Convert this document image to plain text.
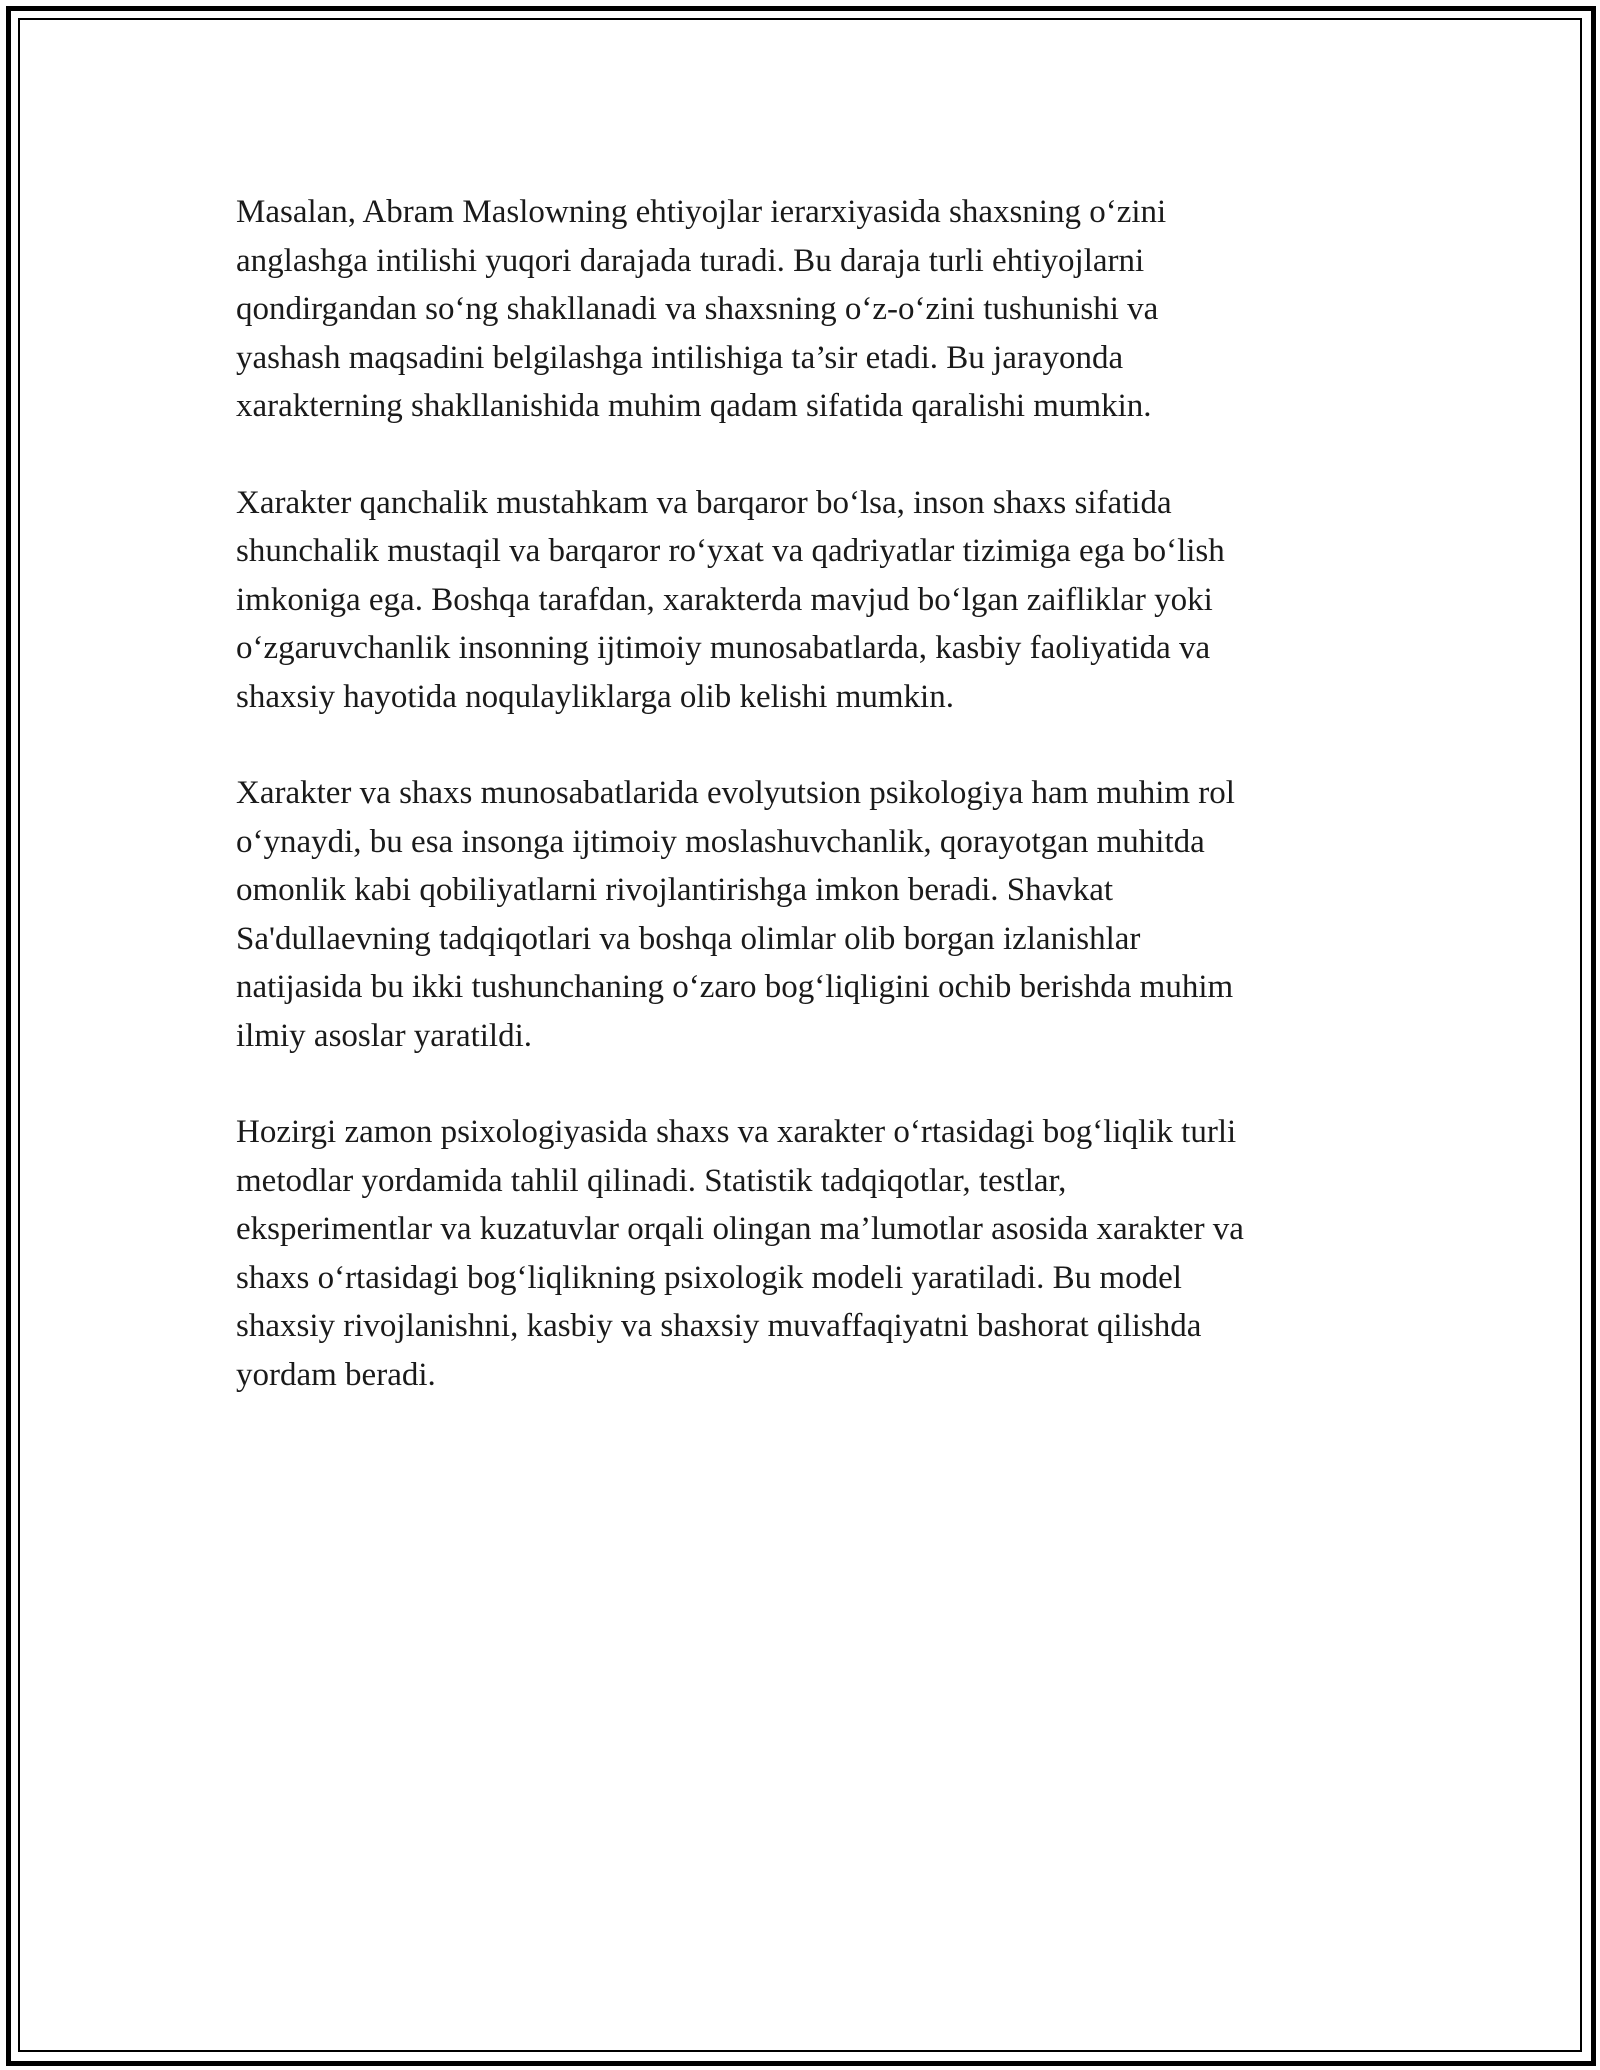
Masalan, Abram Maslowning ehtiyojlar ierarxiyasida shaxsning o‘zini
anglashga intilishi yuqori darajada turadi. Bu daraja turli ehtiyojlarni
qondirgandan so‘ng shakllanadi va shaxsning o‘z-o‘zini tushunishi va
yashash maqsadini belgilashga intilishiga ta’sir etadi. Bu jarayonda
xarakterning shakllanishida muhim qadam sifatida qaralishi mumkin.

Xarakter qanchalik mustahkam va barqaror bo‘lsa, inson shaxs sifatida
shunchalik mustaqil va barqaror ro‘yxat va qadriyatlar tizimiga ega bo‘lish
imkoniga ega. Boshqa tarafdan, xarakterda mavjud bo‘lgan zaifliklar yoki
o‘zgaruvchanlik insonning ijtimoiy munosabatlarda, kasbiy faoliyatida va
shaxsiy hayotida noqulayliklarga olib kelishi mumkin.

Xarakter va shaxs munosabatlarida evolyutsion psikologiya ham muhim rol
o‘ynaydi, bu esa insonga ijtimoiy moslashuvchanlik, qorayotgan muhitda
omonlik kabi qobiliyatlarni rivojlantirishga imkon beradi. Shavkat
Sa'dullaevning tadqiqotlari va boshqa olimlar olib borgan izlanishlar
natijasida bu ikki tushunchaning o‘zaro bog‘liqligini ochib berishda muhim
ilmiy asoslar yaratildi.

Hozirgi zamon psixologiyasida shaxs va xarakter o‘rtasidagi bog‘liqlik turli
metodlar yordamida tahlil qilinadi. Statistik tadqiqotlar, testlar,
eksperimentlar va kuzatuvlar orqali olingan ma’lumotlar asosida xarakter va
shaxs o‘rtasidagi bog‘liqlikning psixologik modeli yaratiladi. Bu model
shaxsiy rivojlanishni, kasbiy va shaxsiy muvaffaqiyatni bashorat qilishda
yordam beradi.
